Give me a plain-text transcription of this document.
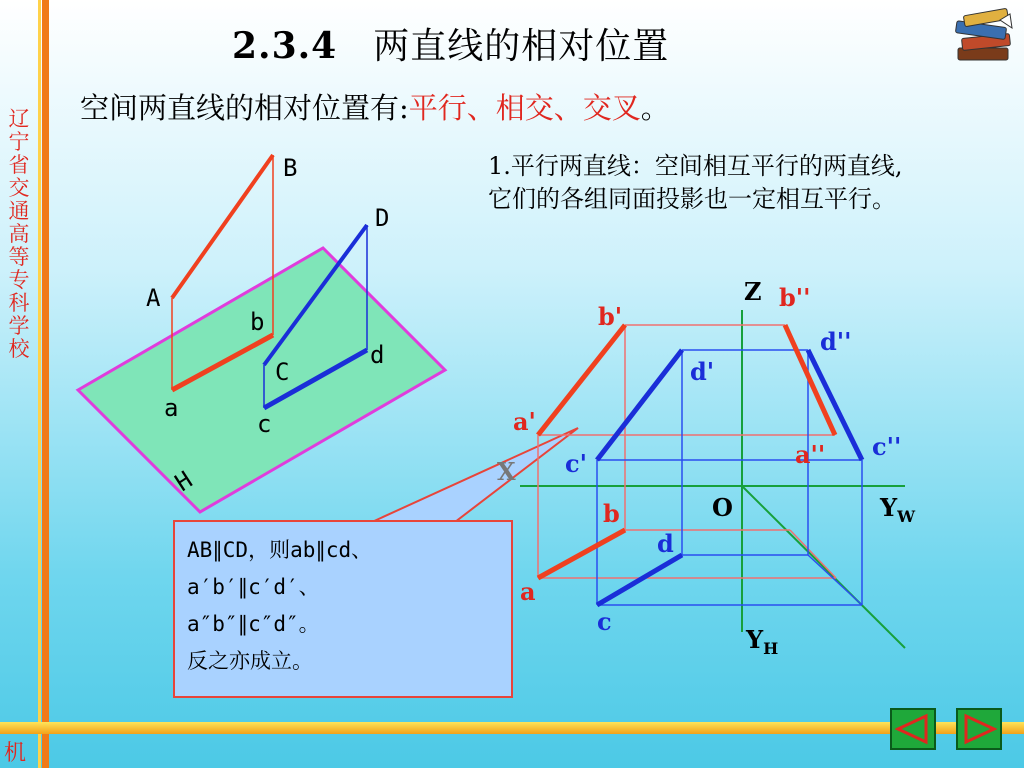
辽宁省交通高等专科学校
机
2.3.4 两直线的相对位置
空间两直线的相对位置有:平行、相交、交叉。
1.平行两直线：空间相互平行的两直线,它们的各组同面投影也一定相互平行。
A
B
C
D
a
b
c
d
H
Z
X
O	$Y_W$
$Y_H$
b'
a'
c'
d'
b''
d''
a'' c''
b
a
d
c
AB∥CD，则ab∥cd、
a′b′∥c′d′、
a″b″∥c″d″。
反之亦成立。
